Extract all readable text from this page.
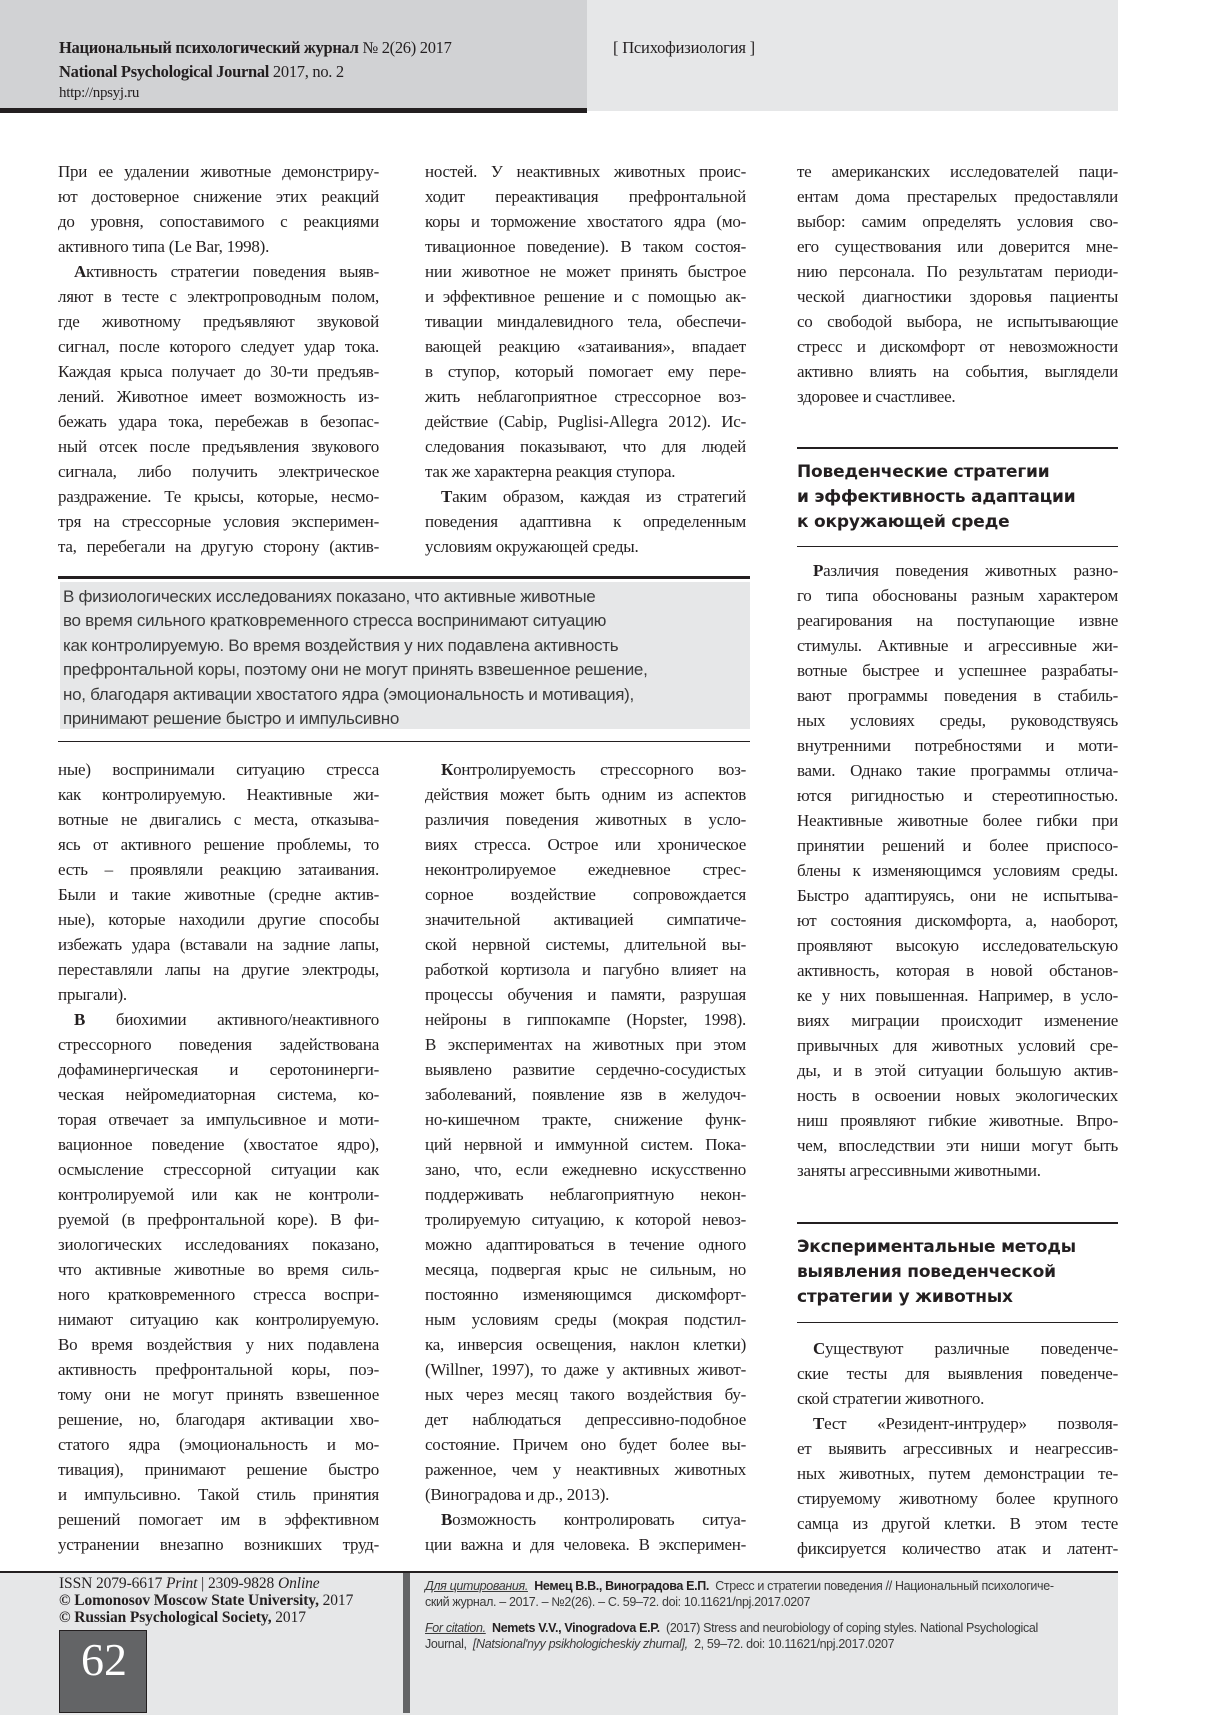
Национальный психологический журнал № 2(26) 2017
National Psychological Journal 2017, no. 2
http://npsyj.ru
[ Психофизиология ]
При ее удалении животные демонстриру-
ют достоверное снижение этих реакций
до уровня, сопоставимого с реакциями
активного типа (Le Bar, 1998).
Активность стратегии поведения выяв-
ляют в тесте с электропроводным полом,
где животному предъявляют звуковой
сигнал, после которого следует удар тока.
Каждая крыса получает до 30-ти предъяв-
лений. Животное имеет возможность из-
бежать удара тока, перебежав в безопас-
ный отсек после предъявления звукового
сигнала, либо получить электрическое
раздражение. Те крысы, которые, несмо-
тря на стрессорные условия эксперимен-
та, перебегали на другую сторону (актив-
ностей. У неактивных животных проис-
ходит переактивация префронтальной
коры и торможение хвостатого ядра (мо-
тивационное поведение). В таком состоя-
нии животное не может принять быстрое
и эффективное решение и с помощью ак-
тивации миндалевидного тела, обеспечи-
вающей реакцию «затаивания», впадает
в ступор, который помогает ему пере-
жить неблагоприятное стрессорное воз-
действие (Cabip, Puglisi-Allegra 2012). Ис-
следования показывают, что для людей
так же характерна реакция ступора.
Таким образом, каждая из стратегий
поведения адаптивна к определенным
условиям окружающей среды.
те американских исследователей паци-
ентам дома престарелых предоставляли
выбор: самим определять условия сво-
его существования или доверится мне-
нию персонала. По результатам периоди-
ческой диагностики здоровья пациенты
со свободой выбора, не испытывающие
стресс и дискомфорт от невозможности
активно влиять на события, выглядели
здоровее и счастливее.
Поведенческие стратегии
и эффективность адаптации
к окружающей среде
Различия поведения животных разно-
го типа обоснованы разным характером
реагирования на поступающие извне
стимулы. Активные и агрессивные жи-
вотные быстрее и успешнее разрабаты-
вают программы поведения в стабиль-
ных условиях среды, руководствуясь
внутренними потребностями и моти-
вами. Однако такие программы отлича-
ются ригидностью и стереотипностью.
Неактивные животные более гибки при
принятии решений и более приспосо-
блены к изменяющимся условиям среды.
Быстро адаптируясь, они не испытыва-
ют состояния дискомфорта, а, наоборот,
проявляют высокую исследовательскую
активность, которая в новой обстанов-
ке у них повышенная. Например, в усло-
виях миграции происходит изменение
привычных для животных условий сре-
ды, и в этой ситуации большую актив-
ность в освоении новых экологических
ниш проявляют гибкие животные. Впро-
чем, впоследствии эти ниши могут быть
заняты агрессивными животными.
Экспериментальные методы
выявления поведенческой
стратегии у животных
Существуют различные поведенче-
ские тесты для выявления поведенче-
ской стратегии животного.
Тест «Резидент-интрудер» позволя-
ет выявить агрессивных и неагрессив-
ных животных, путем демонстрации те-
стируемому животному более крупного
самца из другой клетки. В этом тесте
фиксируется количество атак и латент-
В физиологических исследованиях показано, что активные животные
во время сильного кратковременного стресса воспринимают ситуацию
как контролируемую. Во время воздействия у них подавлена активность
префронтальной коры, поэтому они не могут принять взвешенное решение,
но, благодаря активации хвостатого ядра (эмоциональность и мотивация),
принимают решение быстро и импульсивно
ные) воспринимали ситуацию стресса
как контролируемую. Неактивные жи-
вотные не двигались с места, отказыва-
ясь от активного решение проблемы, то
есть – проявляли реакцию затаивания.
Были и такие животные (средне актив-
ные), которые находили другие способы
избежать удара (вставали на задние лапы,
переставляли лапы на другие электроды,
прыгали).
В биохимии активного/неактивного
стрессорного поведения задействована
дофаминергическая и серотонинерги-
ческая нейромедиаторная система, ко-
торая отвечает за импульсивное и моти-
вационное поведение (хвостатое ядро),
осмысление стрессорной ситуации как
контролируемой или как не контроли-
руемой (в префронтальной коре). В фи-
зиологических исследованиях показано,
что активные животные во время силь-
ного кратковременного стресса воспри-
нимают ситуацию как контролируемую.
Во время воздействия у них подавлена
активность префронтальной коры, поэ-
тому они не могут принять взвешенное
решение, но, благодаря активации хво-
статого ядра (эмоциональность и мо-
тивация), принимают решение быстро
и импульсивно. Такой стиль принятия
решений помогает им в эффективном
устранении внезапно возникших труд-
Контролируемость стрессорного воз-
действия может быть одним из аспектов
различия поведения животных в усло-
виях стресса. Острое или хроническое
неконтролируемое ежедневное стрес-
сорное воздействие сопровождается
значительной активацией симпатиче-
ской нервной системы, длительной вы-
работкой кортизола и пагубно влияет на
процессы обучения и памяти, разрушая
нейроны в гиппокампе (Hopster, 1998).
В экспериментах на животных при этом
выявлено развитие сердечно-сосудистых
заболеваний, появление язв в желудоч-
но-кишечном тракте, снижение функ-
ций нервной и иммунной систем. Пока-
зано, что, если ежедневно искусственно
поддерживать неблагоприятную некон-
тролируемую ситуацию, к которой невоз-
можно адаптироваться в течение одного
месяца, подвергая крыс не сильным, но
постоянно изменяющимся дискомфорт-
ным условиям среды (мокрая подстил-
ка, инверсия освещения, наклон клетки)
(Willner, 1997), то даже у активных живот-
ных через месяц такого воздействия бу-
дет наблюдаться депрессивно-подобное
состояние. Причем оно будет более вы-
раженное, чем у неактивных животных
(Виноградова и др., 2013).
Возможность контролировать ситуа-
ции важна и для человека. В эксперимен-
ISSN 2079-6617 Print | 2309-9828 Online
© Lomonosov Moscow State University, 2017
© Russian Psychological Society, 2017
62
Для цитирования. Немец В.В., Виноградова Е.П. Стресс и стратегии поведения // Национальный психологиче-
ский журнал. – 2017. – №2(26). – С. 59–72. doi: 10.11621/npj.2017.0207
For citation. Nemets V.V., Vinogradova E.P. (2017) Stress and neurobiology of coping styles. National Psychological
Journal, [Natsional'nyy psikhologicheskiy zhurnal], 2, 59–72. doi: 10.11621/npj.2017.0207
